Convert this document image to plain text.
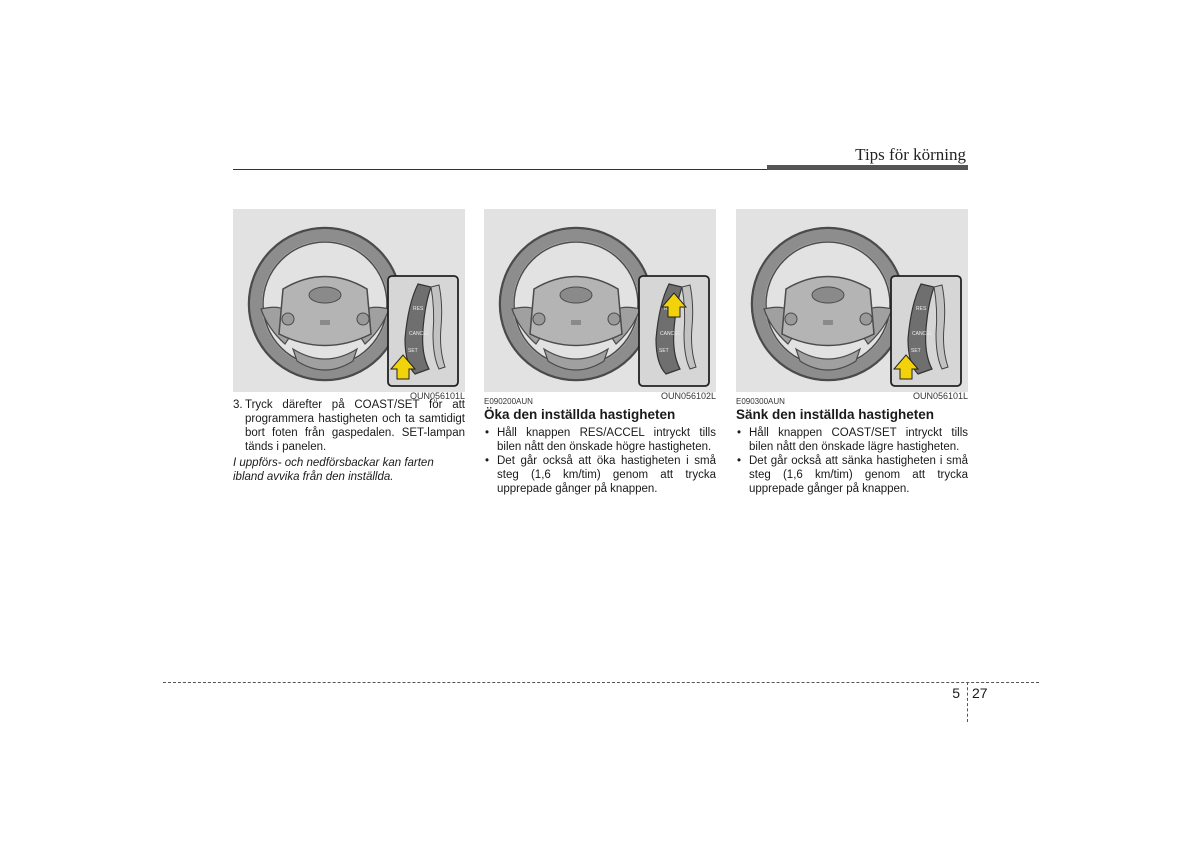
Tips för körning
OUN056101L
3. Tryck därefter på COAST/SET för att programmera hastigheten och ta samtidigt bort foten från gaspedalen. SET-lampan tänds i panelen.
I uppförs- och nedförsbackar kan farten ibland avvika från den inställda.
OUN056102L
E090200AUN
Öka den inställda hastigheten
• Håll knappen RES/ACCEL intryckt tills bilen nått den önskade högre hastigheten.
• Det går också att öka hastigheten i små steg (1,6 km/tim) genom att trycka upprepade gånger på knappen.
OUN056101L
E090300AUN
Sänk den inställda hastigheten
• Håll knappen COAST/SET intryckt tills bilen nått den önskade lägre hastigheten.
• Det går också att sänka hastigheten i små steg (1,6 km/tim) genom att trycka upprepade gånger på knappen.
5 27
